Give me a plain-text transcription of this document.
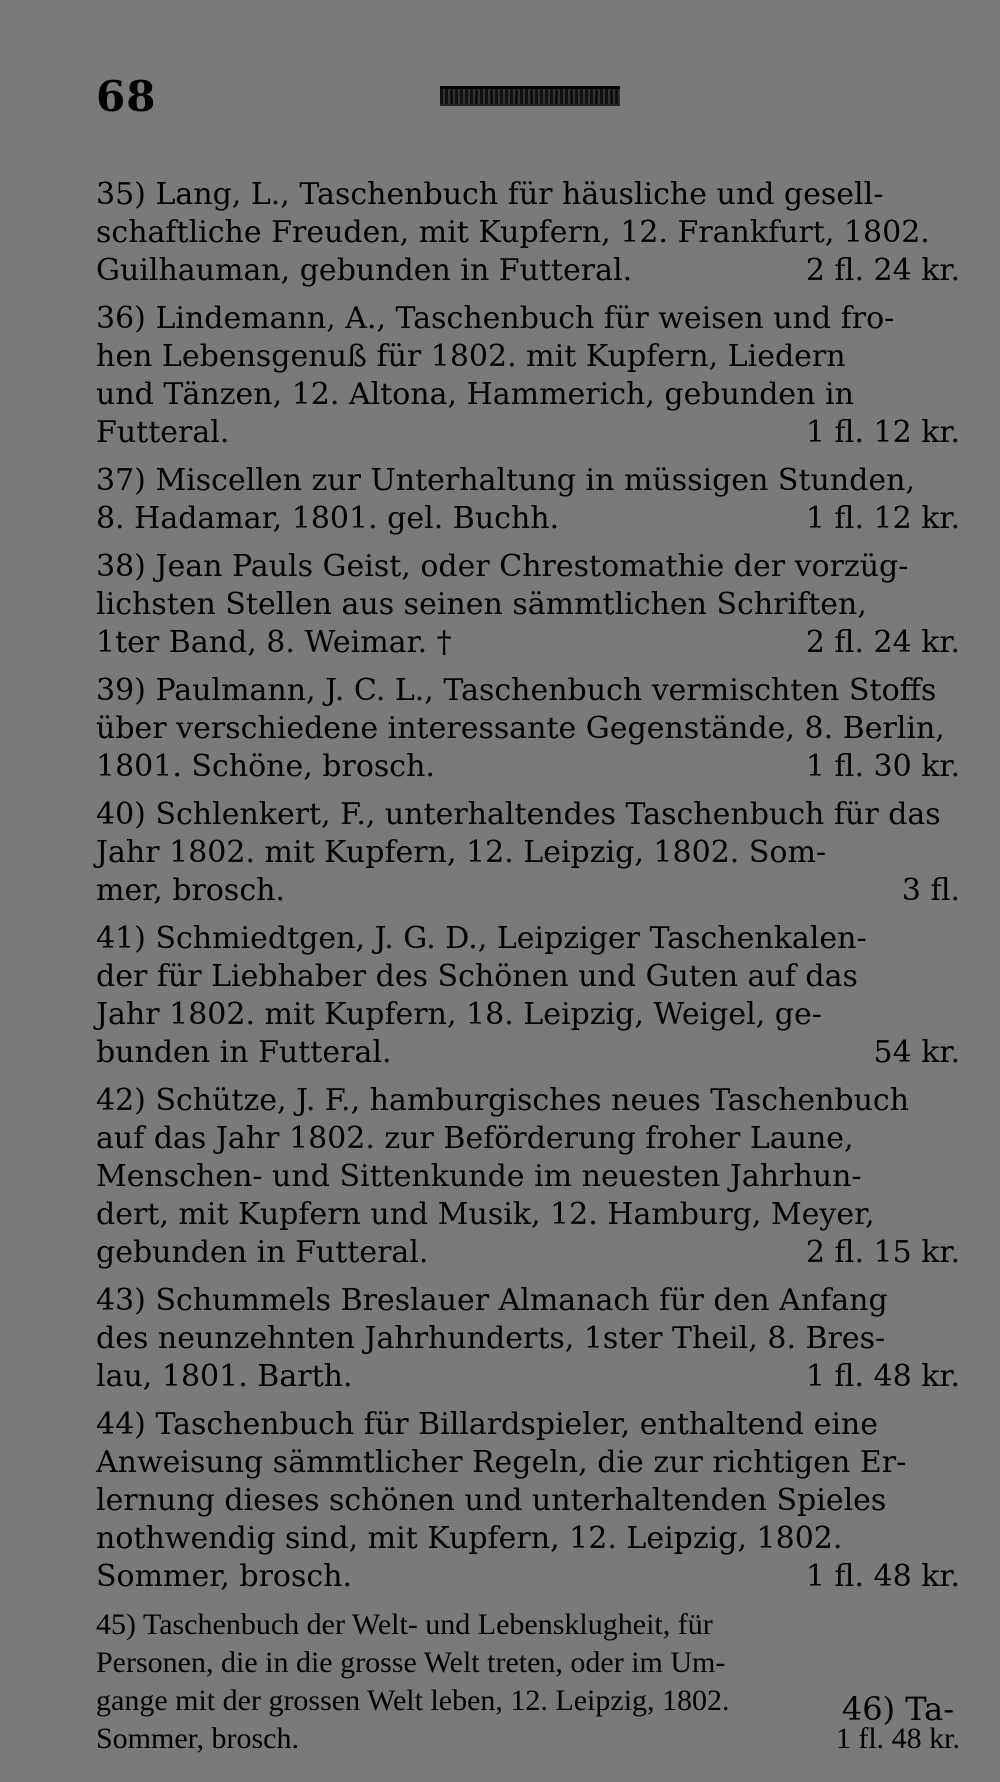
68
35) Lang, L., Taschenbuch für häusliche und gesell-
schaftliche Freuden, mit Kupfern, 12. Frankfurt, 1802.
Guilhauman, gebunden in Futteral.	2 fl. 24 kr.
36) Lindemann, A., Taschenbuch für weisen und fro-
hen Lebensgenuß für 1802. mit Kupfern, Liedern
und Tänzen, 12. Altona, Hammerich, gebunden in
Futteral.	1 fl. 12 kr.
37) Miscellen zur Unterhaltung in müssigen Stunden,
8. Hadamar, 1801. gel. Buchh.	1 fl. 12 kr.
38) Jean Pauls Geist, oder Chrestomathie der vorzüg-
lichsten Stellen aus seinen sämmtlichen Schriften,
1ter Band, 8. Weimar. †	2 fl. 24 kr.
39) Paulmann, J. C. L., Taschenbuch vermischten Stoffs
über verschiedene interessante Gegenstände, 8. Berlin,
1801. Schöne, brosch.	1 fl. 30 kr.
40) Schlenkert, F., unterhaltendes Taschenbuch für das
Jahr 1802. mit Kupfern, 12. Leipzig, 1802. Som-
mer, brosch.	3 fl.
41) Schmiedtgen, J. G. D., Leipziger Taschenkalen-
der für Liebhaber des Schönen und Guten auf das
Jahr 1802. mit Kupfern, 18. Leipzig, Weigel, ge-
bunden in Futteral.	54 kr.
42) Schütze, J. F., hamburgisches neues Taschenbuch
auf das Jahr 1802. zur Beförderung froher Laune,
Menschen- und Sittenkunde im neuesten Jahrhun-
dert, mit Kupfern und Musik, 12. Hamburg, Meyer,
gebunden in Futteral.	2 fl. 15 kr.
43) Schummels Breslauer Almanach für den Anfang
des neunzehnten Jahrhunderts, 1ster Theil, 8. Bres-
lau, 1801. Barth.	1 fl. 48 kr.
44) Taschenbuch für Billardspieler, enthaltend eine
Anweisung sämmtlicher Regeln, die zur richtigen Er-
lernung dieses schönen und unterhaltenden Spieles
nothwendig sind, mit Kupfern, 12. Leipzig, 1802.
Sommer, brosch.	1 fl. 48 kr.
45) Taschenbuch der Welt- und Lebensklugheit, für
Personen, die in die grosse Welt treten, oder im Um-
gange mit der grossen Welt leben, 12. Leipzig, 1802.
Sommer, brosch.	1 fl. 48 kr.
46) Ta-
